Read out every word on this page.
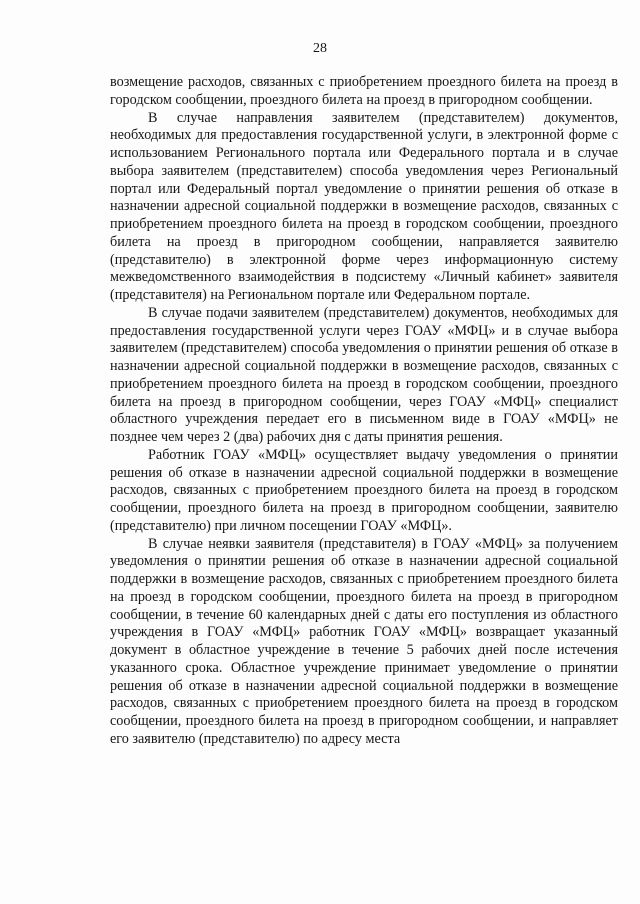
28

возмещение расходов, связанных с приобретением проездного билета на проезд в городском сообщении, проездного билета на проезд в пригородном сообщении.

В случае направления заявителем (представителем) документов, необходимых для предоставления государственной услуги, в электронной форме с использованием Регионального портала или Федерального портала и в случае выбора заявителем (представителем) способа уведомления через Региональный портал или Федеральный портал уведомление о принятии решения об отказе в назначении адресной социальной поддержки в возмещение расходов, связанных с приобретением проездного билета на проезд в городском сообщении, проездного билета на проезд в пригородном сообщении, направляется заявителю (представителю) в электронной форме через информационную систему межведомственного взаимодействия в подсистему «Личный кабинет» заявителя (представителя) на Региональном портале или Федеральном портале.

В случае подачи заявителем (представителем) документов, необходимых для предоставления государственной услуги через ГОАУ «МФЦ» и в случае выбора заявителем (представителем) способа уведомления о принятии решения об отказе в назначении адресной социальной поддержки в возмещение расходов, связанных с приобретением проездного билета на проезд в городском сообщении, проездного билета на проезд в пригородном сообщении, через ГОАУ «МФЦ» специалист областного учреждения передает его в письменном виде в ГОАУ «МФЦ» не позднее чем через 2 (два) рабочих дня с даты принятия решения.

Работник ГОАУ «МФЦ» осуществляет выдачу уведомления о принятии решения об отказе в назначении адресной социальной поддержки в возмещение расходов, связанных с приобретением проездного билета на проезд в городском сообщении, проездного билета на проезд в пригородном сообщении, заявителю (представителю) при личном посещении ГОАУ «МФЦ».

В случае неявки заявителя (представителя) в ГОАУ «МФЦ» за получением уведомления о принятии решения об отказе в назначении адресной социальной поддержки в возмещение расходов, связанных с приобретением проездного билета на проезд в городском сообщении, проездного билета на проезд в пригородном сообщении, в течение 60 календарных дней с даты его поступления из областного учреждения в ГОАУ «МФЦ» работник ГОАУ «МФЦ» возвращает указанный документ в областное учреждение в течение 5 рабочих дней после истечения указанного срока. Областное учреждение принимает уведомление о принятии решения об отказе в назначении адресной социальной поддержки в возмещение расходов, связанных с приобретением проездного билета на проезд в городском сообщении, проездного билета на проезд в пригородном сообщении, и направляет его заявителю (представителю) по адресу места
